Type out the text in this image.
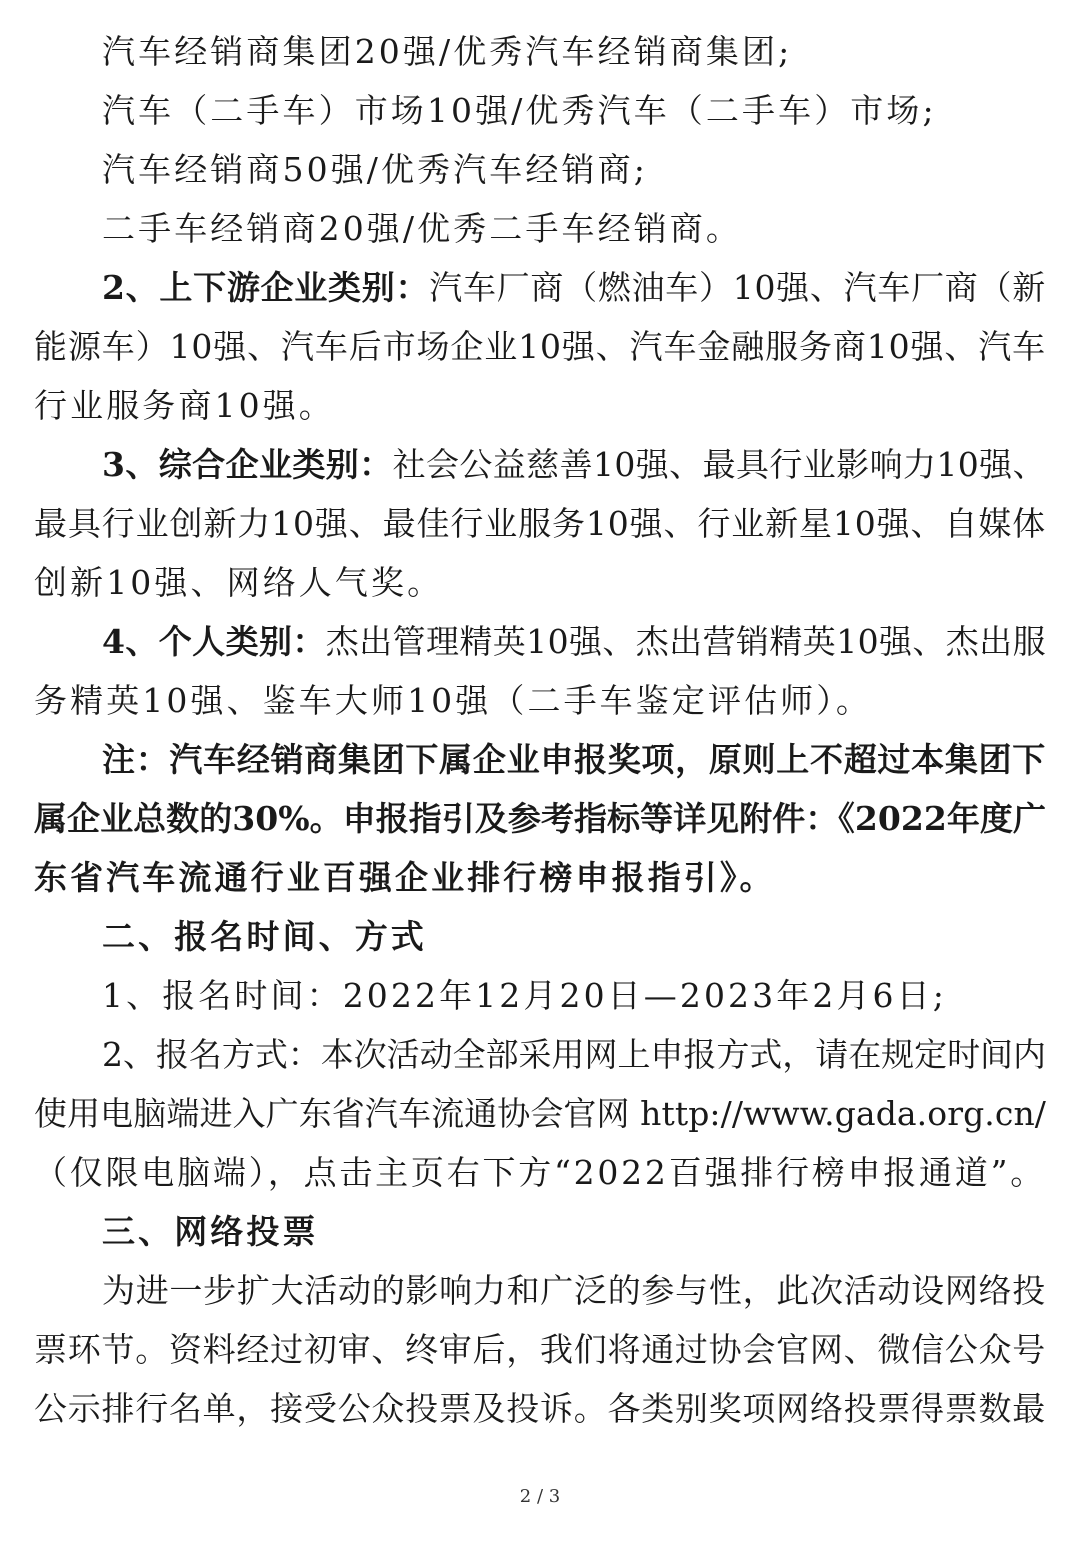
汽车经销商集团20强/优秀汽车经销商集团;
汽车（二手车）市场10强/优秀汽车（二手车）市场;
汽车经销商50强/优秀汽车经销商;
二手车经销商20强/优秀二手车经销商。
2、上下游企业类别：汽车厂商（燃油车）10强、汽车厂商（新
能源车）10强、汽车后市场企业10强、汽车金融服务商10强、汽车
行业服务商10强。
3、综合企业类别：社会公益慈善10强、最具行业影响力10强、
最具行业创新力10强、最佳行业服务10强、行业新星10强、自媒体
创新10强、网络人气奖。
4、个人类别：杰出管理精英10强、杰出营销精英10强、杰出服
务精英10强、鉴车大师10强（二手车鉴定评估师）。
注：汽车经销商集团下属企业申报奖项，原则上不超过本集团下
属企业总数的30%。申报指引及参考指标等详见附件：《2022年度广
东省汽车流通行业百强企业排行榜申报指引》。
二、报名时间、方式
1、报名时间：2022年12月20日—2023年2月6日;
2、报名方式：本次活动全部采用网上申报方式，请在规定时间内
使用电脑端进入广东省汽车流通协会官网 http://www.gada.org.cn/
（仅限电脑端），点击主页右下方“2022百强排行榜申报通道”。
三、网络投票
为进一步扩大活动的影响力和广泛的参与性，此次活动设网络投
票环节。资料经过初审、终审后，我们将通过协会官网、微信公众号
公示排行名单，接受公众投票及投诉。各类别奖项网络投票得票数最
2 / 3
